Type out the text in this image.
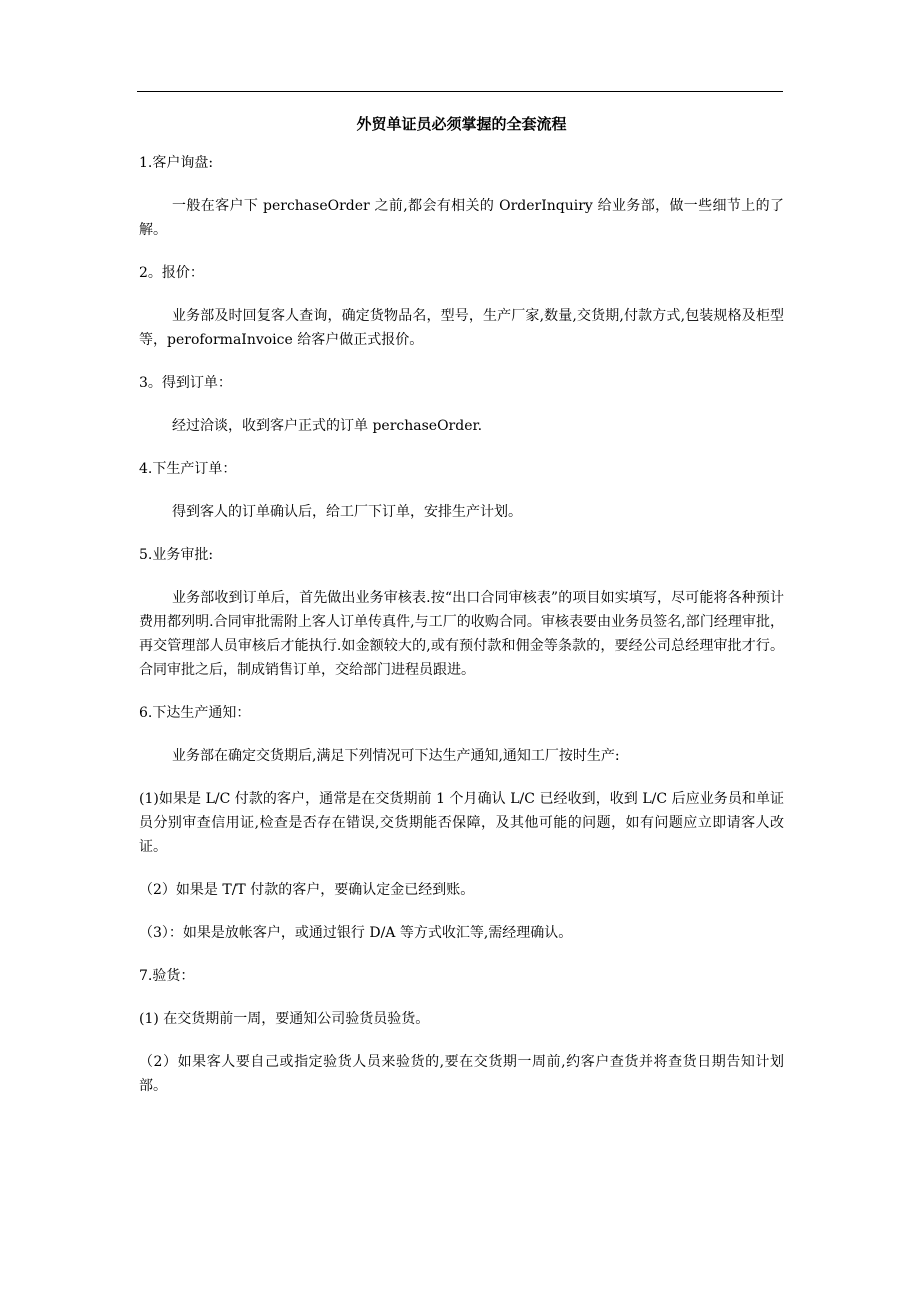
外贸单证员必须掌握的全套流程

1.客户询盘:

一般在客户下 perchaseOrder 之前,都会有相关的 OrderInquiry 给业务部，做一些细节上的了解。

2。报价：

业务部及时回复客人查询，确定货物品名，型号，生产厂家,数量,交货期,付款方式,包装规格及柜型等，peroformaInvoice 给客户做正式报价。

3。得到订单：

经过洽谈，收到客户正式的订单 perchaseOrder.

4.下生产订单：

得到客人的订单确认后，给工厂下订单，安排生产计划。

5.业务审批:

业务部收到订单后，首先做出业务审核表.按“出口合同审核表”的项目如实填写，尽可能将各种预计费用都列明.合同审批需附上客人订单传真件,与工厂的收购合同。审核表要由业务员签名,部门经理审批，再交管理部人员审核后才能执行.如金额较大的,或有预付款和佣金等条款的，要经公司总经理审批才行。合同审批之后，制成销售订单，交给部门进程员跟进。

6.下达生产通知：

业务部在确定交货期后,满足下列情况可下达生产通知,通知工厂按时生产:

(1)如果是 L/C 付款的客户，通常是在交货期前 1 个月确认 L/C 已经收到，收到 L/C 后应业务员和单证员分别审查信用证,检查是否存在错误,交货期能否保障，及其他可能的问题，如有问题应立即请客人改证。

（2）如果是 T/T 付款的客户，要确认定金已经到账。

（3）：如果是放帐客户，或通过银行 D/A 等方式收汇等,需经理确认。

7.验货：

(1) 在交货期前一周，要通知公司验货员验货。

（2）如果客人要自己或指定验货人员来验货的,要在交货期一周前,约客户查货并将查货日期告知计划部。
